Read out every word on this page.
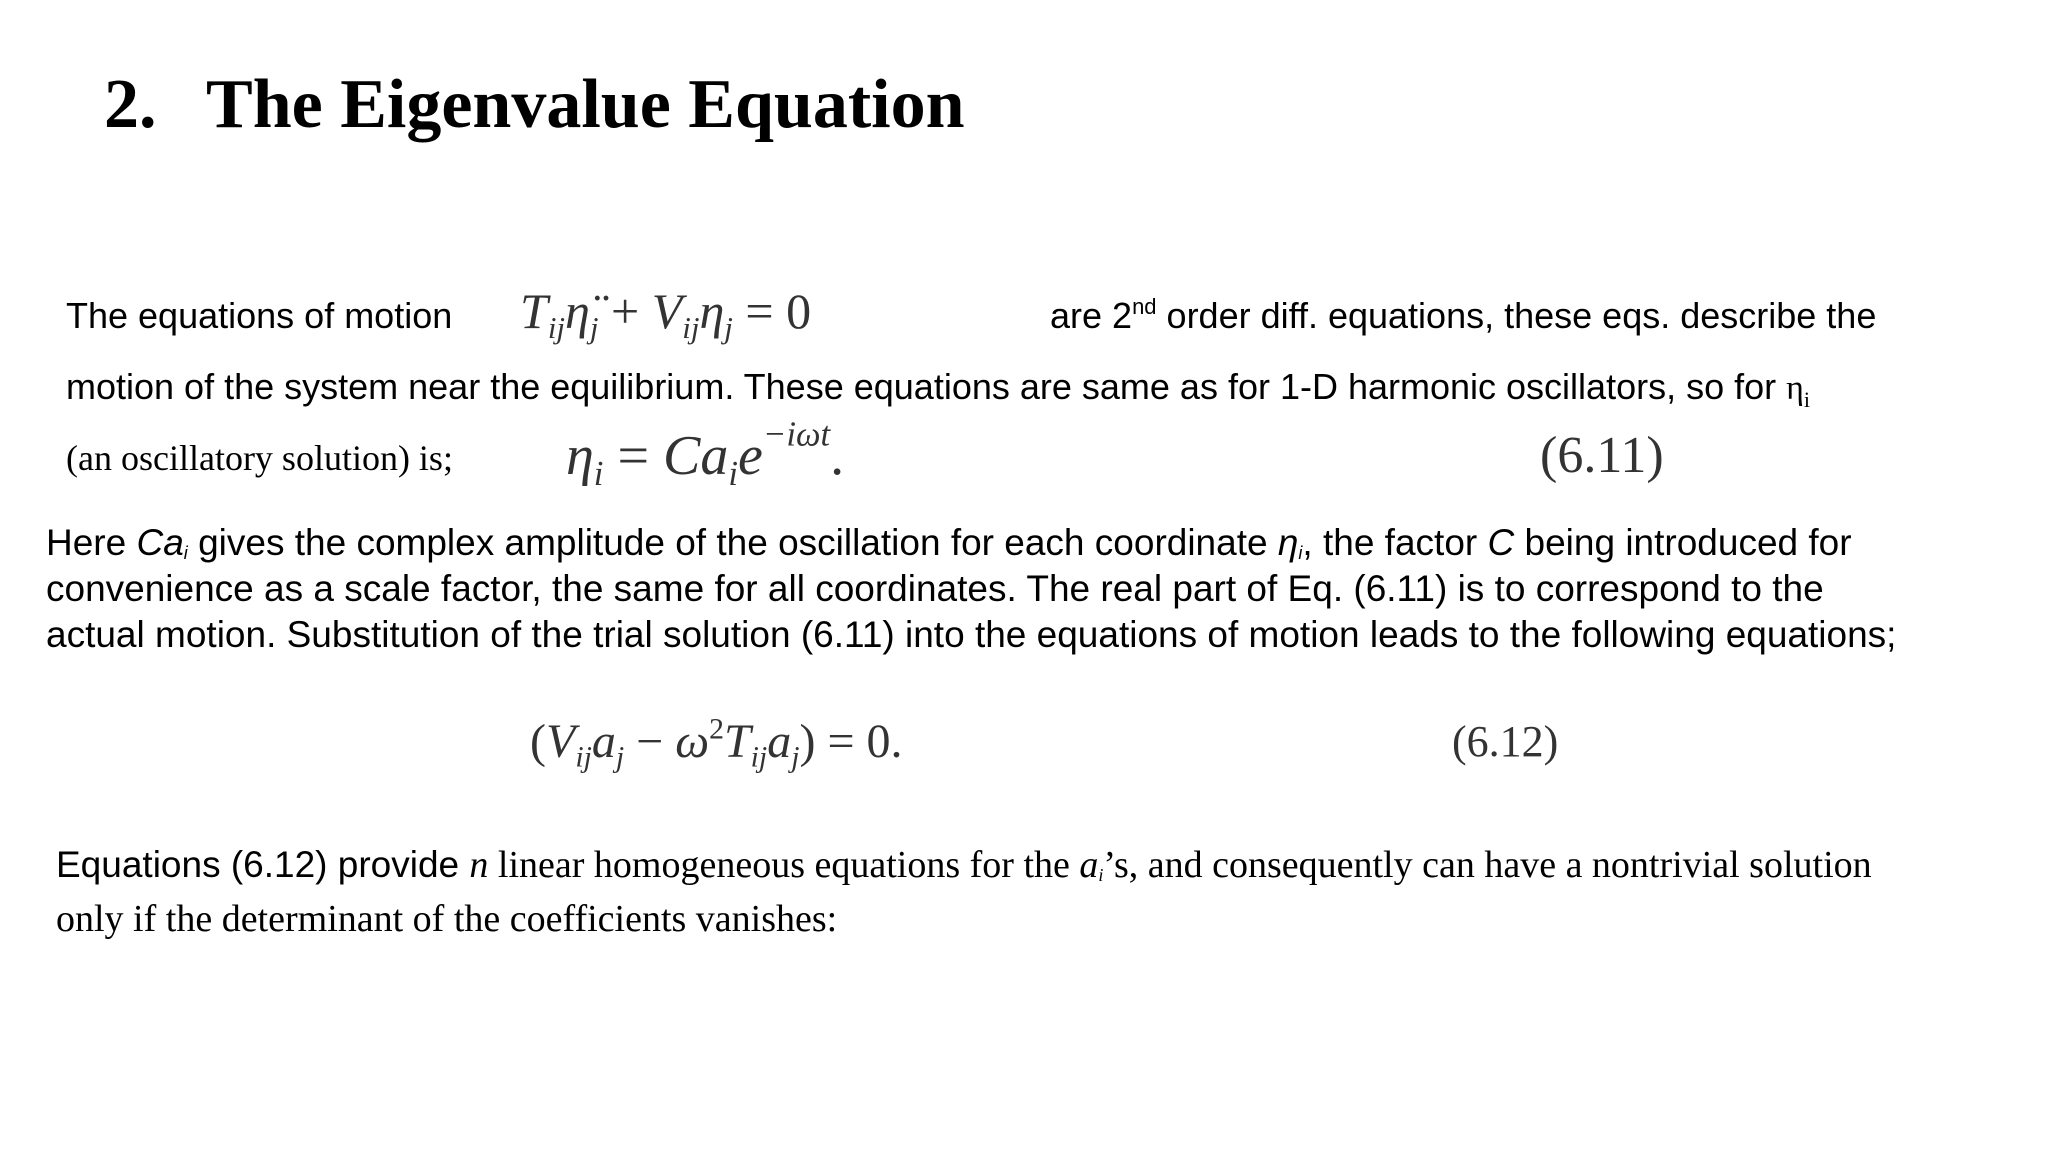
2. The Eigenvalue Equation
The equations of motion $T_{ij}\etä_j + V_{ij}\eta_j = 0$	are 2nd order diff. equations, these eqs. describe the
motion of the system near the equilibrium. These equations are same as for 1-D harmonic oscillators, so for $\eta_i$
(an oscillatory solution) is; $\eta_i = Ca_ie^{-i\omega t}$.	(6.11)
Here $Ca_i$ gives the complex amplitude of the oscillation for each coordinate $\eta_i$, the factor C being introduced for
convenience as a scale factor, the same for all coordinates. The real part of Eq. (6.11) is to correspond to the
actual motion. Substitution of the trial solution (6.11) into the equations of motion leads to the following equations;
$(V_{ij}a_j - \omega^2T_{ij}a_j) = 0$.	(6.12)
Equations (6.12) provide n linear homogeneous equations for the $a_i’s$, and consequently can have a nontrivial solution
only if the determinant of the coefficients vanishes:
